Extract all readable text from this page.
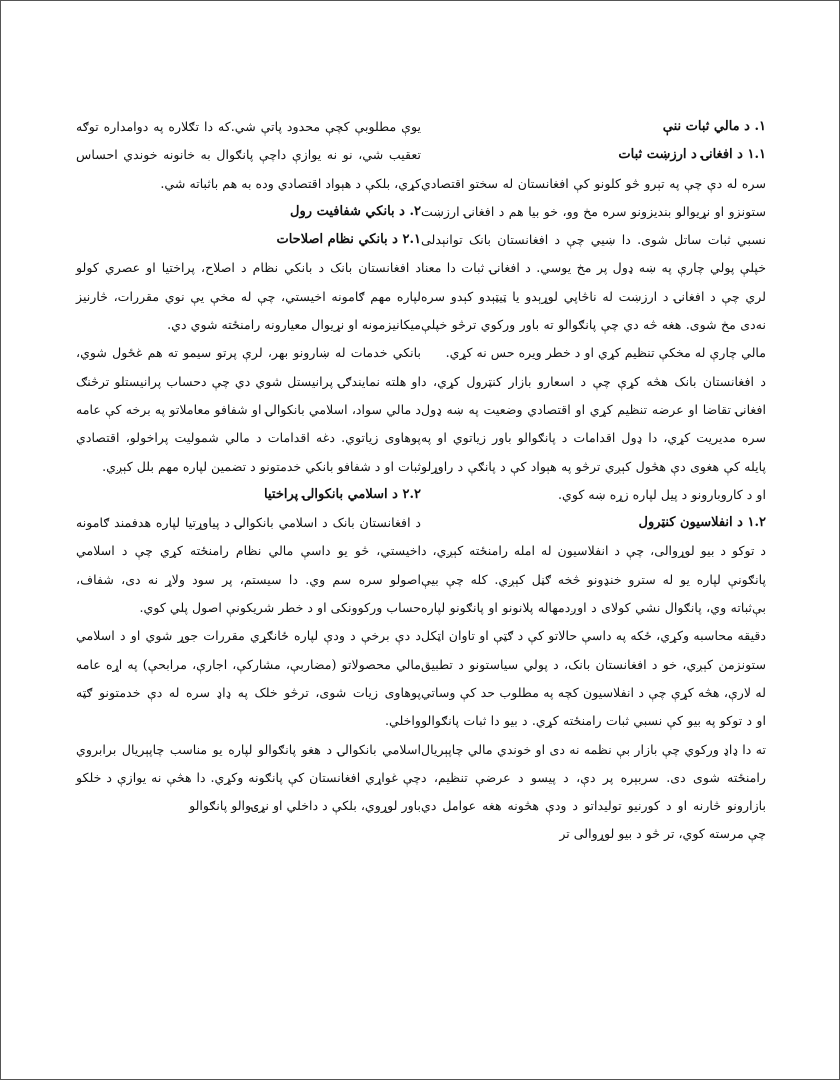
۱. د مالي ثبات ننې
۱.۱ د افغانۍ د ارزښت ثبات

سره له دې چې په تېرو څو کلونو کې افغانستان له سختو اقتصادي ستونزو او نړیوالو بندیزونو سره مخ وو، خو بیا هم د افغانۍ ارزښت نسبي ثبات ساتل شوی. دا ښیي چې د افغانستان بانک توانېدلی خپلې پولي چارې په ښه ډول پر مخ یوسي. د افغانۍ ثبات دا معنا لري چې د افغانۍ د ارزښت له ناڅاپي لوړېدو یا ټیټېدو کېدو سره نه‌دی مخ شوی. هغه څه دي چې پانګوالو ته باور ورکوي ترڅو خپلې مالي چارې له مخکې تنظیم کړي او د خطر ویره حس نه کړي.

د افغانستان بانک هڅه کړې چې د اسعارو بازار کنټرول کړي، د افغانۍ تقاضا او عرضه تنظیم کړي او اقتصادي وضعیت په ښه ډول سره مدیریت کړي، دا ډول اقدامات د پانګوالو باور زیاتوي او په پایله کې هغوی دې هڅول کېږي ترڅو په هېواد کې د پانګې د راوړلو او د کاروبارونو د پیل لپاره زړه ښه کوي.

۱.۲ د انفلاسیون کنټرول

د توکو د بیو لوړوالی، چې د انفلاسیون له امله رامنځته کېږي، د پانګونې لپاره یو له سترو خنډونو څخه ګڼل کېږي. کله چې بیې بې‌ثباته وي، پانګوال نشي کولای د اوږدمهاله پلانونو او پانګونو لپاره دقیقه محاسبه وکړي، ځکه په داسې حالاتو کې د ګټې او تاوان اټکل ستونزمن کېږي، خو د افغانستان بانک، د پولي سیاستونو د تطبیق له لارې، هڅه کړې چې د انفلاسیون کچه په مطلوب حد کې وساتي او د توکو په بیو کې نسبي ثبات رامنځته کړي. د بیو دا ثبات پانګوالو ته دا ډاډ ورکوي چې بازار بې نظمه نه دی او خوندي مالي چاپېریال رامنځته شوی دی. سربېره پر دې، د پیسو د عرضې تنظیم، د بازارونو څارنه او د کورنیو تولیداتو د ودې هڅونه هغه عوامل دي چې مرسته کوي، تر څو د بیو لوړوالی تر

یوې مطلوبې کچې محدود پاتې شي.که دا تګلاره په دوامداره توګه تعقیب شي، نو نه یوازې داچې پانګوال به خانونه خوندي احساس کړي، بلکې د هېواد اقتصادي وده به هم باثباته شي.

۲. د بانکي شفافیت رول
۲.۱ د بانکي نظام اصلاحات

د افغانستان بانک د بانکي نظام د اصلاح، پراختیا او عصري کولو لپاره مهم ګامونه اخیستي، چې له مخې یې نوي مقررات، څارنیز میکانیزمونه او نړیوال معیارونه رامنځته شوي دي.

بانکي خدمات له ښارونو بهر، لرې پرتو سیمو ته هم غځول شوي، او هلته نمایندګۍ پرانیستل شوي دي چې دحساب پرانیستلو ترڅنګ د مالي سواد، اسلامي بانکوالۍ او شفافو معاملاتو په برخه کې عامه پوهاوی زیاتوي. دغه اقدامات د مالي شمولیت پراخولو، اقتصادي ثبات او د شفافو بانکي خدمتونو د تضمین لپاره مهم بلل کېږي.

۲.۲ د اسلامي بانکوالۍ پراختیا

د افغانستان بانک د اسلامي بانکوالۍ د پیاوړتیا لپاره هدفمند ګامونه اخیستي، څو یو داسې مالي نظام رامنځته کړي چې د اسلامي اصولو سره سم وي. دا سیستم، پر سود ولاړ نه دی، شفاف، حساب ورکوونکی او د خطر شریکونې اصول پلي کوي.

د دې برخې د ودې لپاره ځانګړي مقررات جوړ شوي او د اسلامي مالي محصولاتو (مضاربې، مشارکې، اجارې، مرابحې) په اړه عامه پوهاوی زیات شوی، ترڅو خلک په ډاډ سره له دې خدمتونو ګټه واخلي.

اسلامي بانکوالۍ د هغو پانګوالو لپاره یو مناسب چاپېریال برابروي چې غواړي افغانستان کې پانګونه وکړي. دا هڅې نه یوازې د خلکو باور لوړوي، بلکې د داخلي او نړۍ‌والو پانګوالو
